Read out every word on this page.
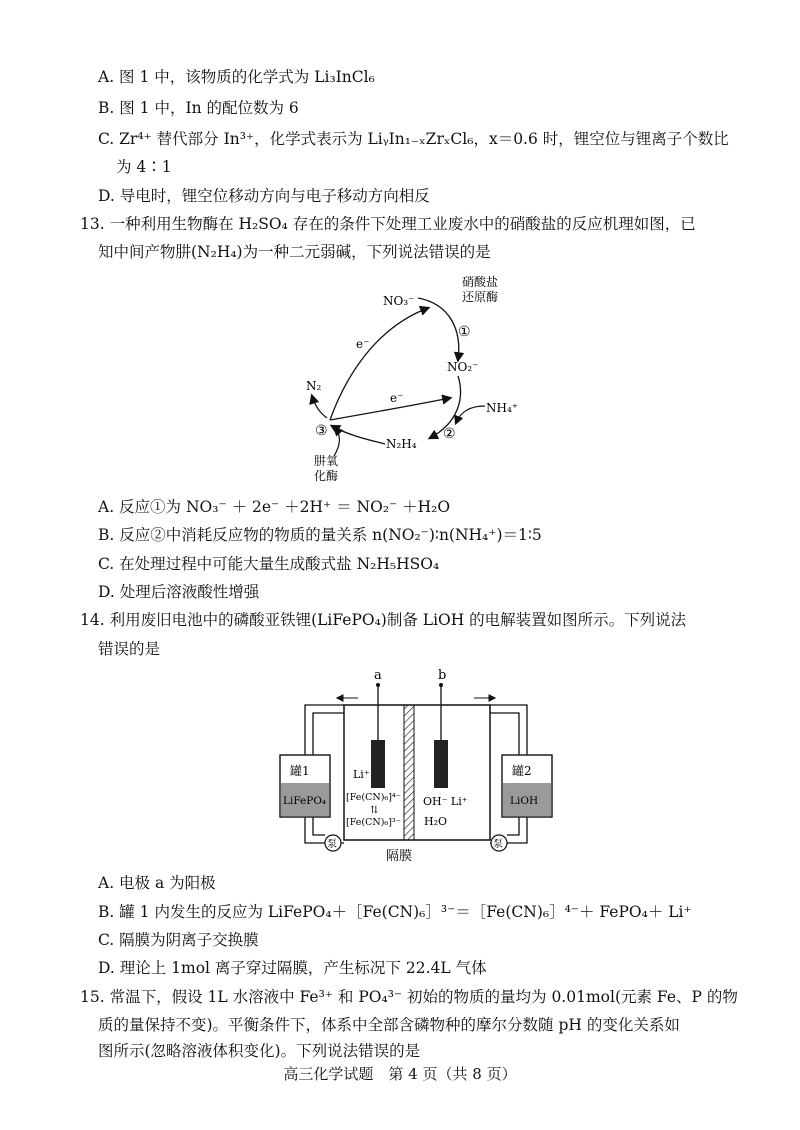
A. 图 1 中，该物质的化学式为 Li₃InCl₆
B. 图 1 中，In 的配位数为 6
C. Zr⁴⁺ 替代部分 In³⁺，化学式表示为 LiᵧIn₁₋ₓZrₓCl₆，x＝0.6 时，锂空位与锂离子个数比
为 4∶1
D. 导电时，锂空位移动方向与电子移动方向相反
13. 一种利用生物酶在 H₂SO₄ 存在的条件下处理工业废水中的硝酸盐的反应机理如图，已
知中间产物肼(N₂H₄)为一种二元弱碱，下列说法错误的是
硝酸盐
还原酶
NO₃⁻
①
NO₂⁻
NH₄⁺
②
N₂H₄
③
N₂
e⁻
e⁻
肼氧
化酶
A. 反应①为 NO₃⁻ ＋ 2e⁻ ＋2H⁺ ＝ NO₂⁻ ＋H₂O
B. 反应②中消耗反应物的物质的量关系 n(NO₂⁻)∶n(NH₄⁺)＝1∶5
C. 在处理过程中可能大量生成酸式盐 N₂H₅HSO₄
D. 处理后溶液酸性增强
14. 利用废旧电池中的磷酸亚铁锂(LiFePO₄)制备 LiOH 的电解装置如图所示。下列说法
错误的是
a	b
Li⁺
[Fe(CN)₆]⁴⁻
⇅
[Fe(CN)₆]³⁻
OH⁻ Li⁺
H₂O
隔膜
罐1
LiFePO₄
罐2
LiOH
泵	泵
A. 电极 a 为阳极
B. 罐 1 内发生的反应为 LiFePO₄＋［Fe(CN)₆］³⁻＝［Fe(CN)₆］⁴⁻＋ FePO₄＋ Li⁺
C. 隔膜为阴离子交换膜
D. 理论上 1mol 离子穿过隔膜，产生标况下 22.4L 气体
15. 常温下，假设 1L 水溶液中 Fe³⁺ 和 PO₄³⁻ 初始的物质的量均为 0.01mol(元素 Fe、P 的物
质的量保持不变)。平衡条件下，体系中全部含磷物种的摩尔分数随 pH 的变化关系如
图所示(忽略溶液体积变化)。下列说法错误的是
高三化学试题　第 4 页（共 8 页）
